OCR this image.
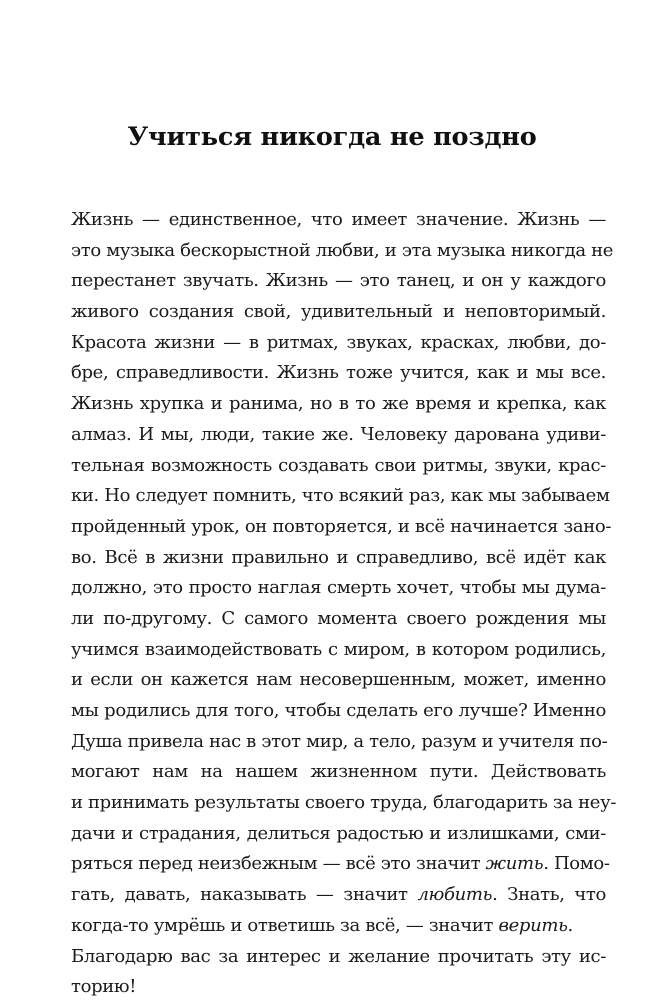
Учиться никогда не поздно
Жизнь — единственное, что имеет значение. Жизнь —
это музыка бескорыстной любви, и эта музыка никогда не
перестанет звучать. Жизнь — это танец, и он у каждого
живого создания свой, удивительный и неповторимый.
Красота жизни — в ритмах, звуках, красках, любви, до-
бре, справедливости. Жизнь тоже учится, как и мы все.
Жизнь хрупка и ранима, но в то же время и крепка, как
алмаз. И мы, люди, такие же. Человеку дарована удиви-
тельная возможность создавать свои ритмы, звуки, крас-
ки. Но следует помнить, что всякий раз, как мы забываем
пройденный урок, он повторяется, и всё начинается зано-
во. Всё в жизни правильно и справедливо, всё идёт как
должно, это просто наглая смерть хочет, чтобы мы дума-
ли по-другому. С самого момента своего рождения мы
учимся взаимодействовать с миром, в котором родились,
и если он кажется нам несовершенным, может, именно
мы родились для того, чтобы сделать его лучше? Именно
Душа привела нас в этот мир, а тело, разум и учителя по-
могают нам на нашем жизненном пути. Действовать
и принимать результаты своего труда, благодарить за неу-
дачи и страдания, делиться радостью и излишками, сми-
ряться перед неизбежным — всё это значит жить. Помо-
гать, давать, наказывать — значит любить. Знать, что
когда-то умрёшь и ответишь за всё, — значит верить.
Благодарю вас за интерес и желание прочитать эту ис-
торию!
